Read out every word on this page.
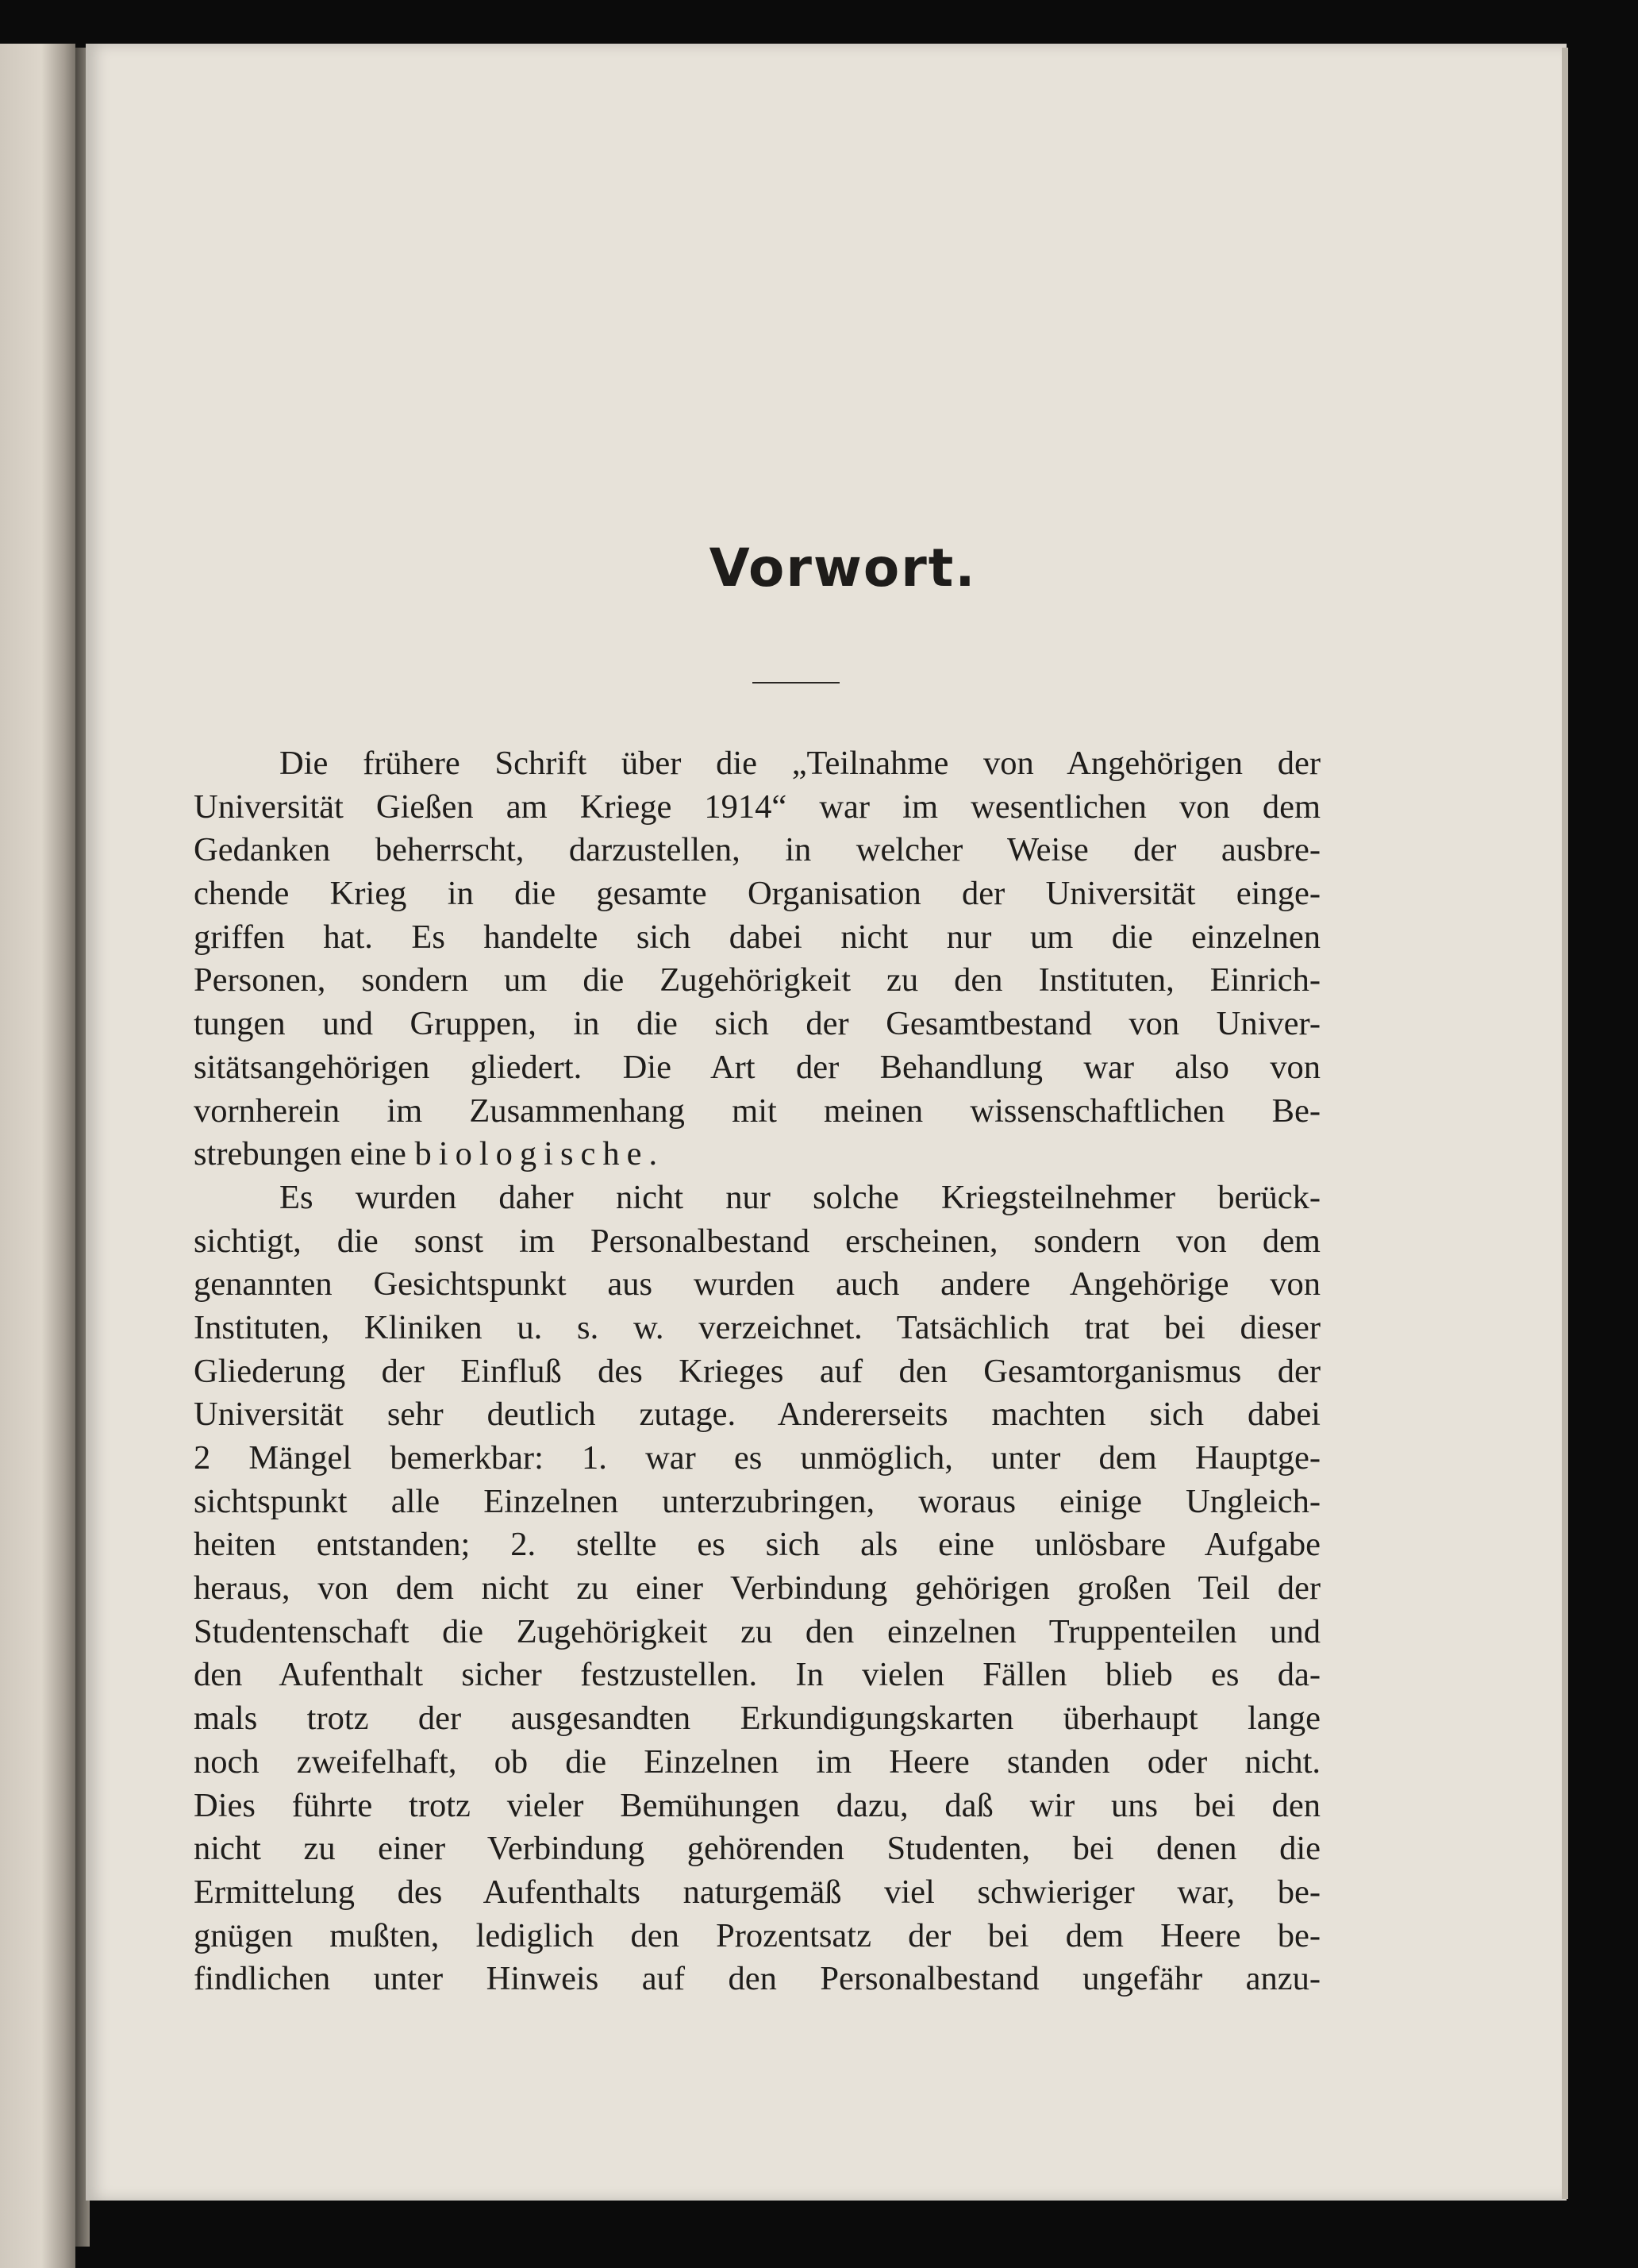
Vorwort.
Die frühere Schrift über die „Teilnahme von Angehörigen der
Universität Gießen am Kriege 1914“ war im wesentlichen von dem
Gedanken beherrscht, darzustellen, in welcher Weise der ausbre-
chende Krieg in die gesamte Organisation der Universität einge-
griffen hat. Es handelte sich dabei nicht nur um die einzelnen
Personen, sondern um die Zugehörigkeit zu den Instituten, Einrich-
tungen und Gruppen, in die sich der Gesamtbestand von Univer-
sitätsangehörigen gliedert. Die Art der Behandlung war also von
vornherein im Zusammenhang mit meinen wissenschaftlichen Be-
strebungen eine biologische.
Es wurden daher nicht nur solche Kriegsteilnehmer berück-
sichtigt, die sonst im Personalbestand erscheinen, sondern von dem
genannten Gesichtspunkt aus wurden auch andere Angehörige von
Instituten, Kliniken u. s. w. verzeichnet. Tatsächlich trat bei dieser
Gliederung der Einfluß des Krieges auf den Gesamtorganismus der
Universität sehr deutlich zutage. Andererseits machten sich dabei
2 Mängel bemerkbar: 1. war es unmöglich, unter dem Hauptge-
sichtspunkt alle Einzelnen unterzubringen, woraus einige Ungleich-
heiten entstanden; 2. stellte es sich als eine unlösbare Aufgabe
heraus, von dem nicht zu einer Verbindung gehörigen großen Teil der
Studentenschaft die Zugehörigkeit zu den einzelnen Truppenteilen und
den Aufenthalt sicher festzustellen. In vielen Fällen blieb es da-
mals trotz der ausgesandten Erkundigungskarten überhaupt lange
noch zweifelhaft, ob die Einzelnen im Heere standen oder nicht.
Dies führte trotz vieler Bemühungen dazu, daß wir uns bei den
nicht zu einer Verbindung gehörenden Studenten, bei denen die
Ermittelung des Aufenthalts naturgemäß viel schwieriger war, be-
gnügen mußten, lediglich den Prozentsatz der bei dem Heere be-
findlichen unter Hinweis auf den Personalbestand ungefähr anzu-
